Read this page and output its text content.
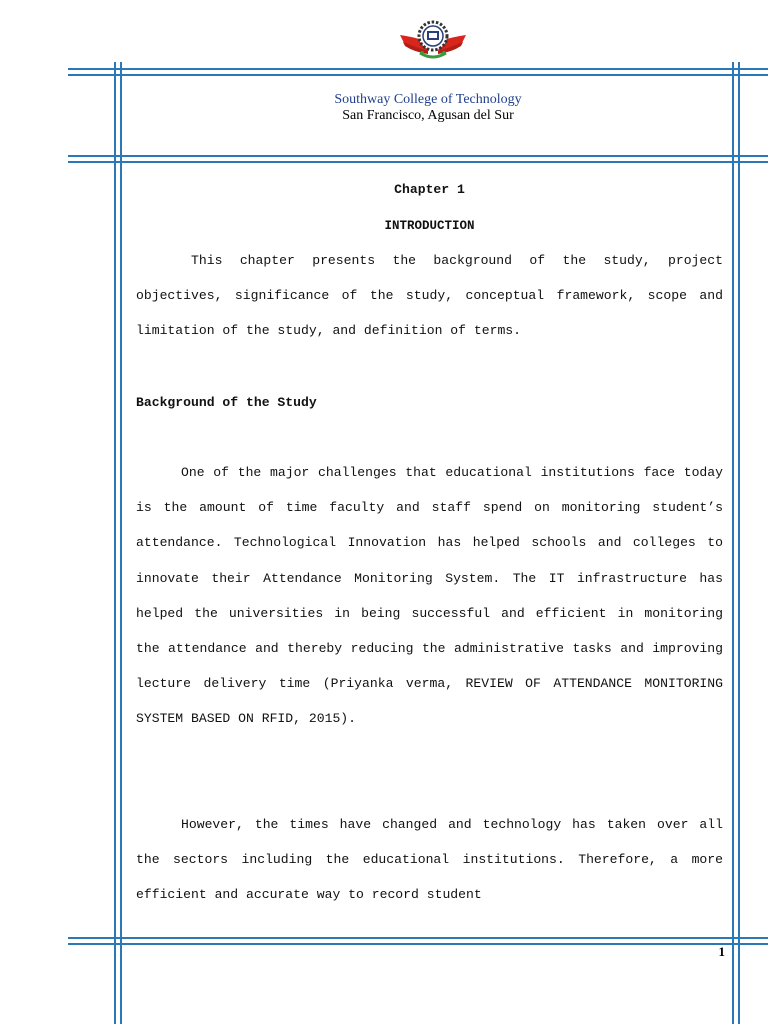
Southway College of Technology
San Francisco, Agusan del Sur
Chapter 1
INTRODUCTION
This chapter presents the background of the study, project objectives, significance of the study, conceptual framework, scope and limitation of the study, and definition of terms.
Background of the Study
One of the major challenges that educational institutions face today is the amount of time faculty and staff spend on monitoring student’s attendance. Technological Innovation has helped schools and colleges to innovate their Attendance Monitoring System. The IT infrastructure has helped the universities in being successful and efficient in monitoring the attendance and thereby reducing the administrative tasks and improving lecture delivery time (Priyanka verma, REVIEW OF ATTENDANCE MONITORING SYSTEM BASED ON RFID, 2015).
However, the times have changed and technology has taken over all the sectors including the educational institutions. Therefore, a more efficient and accurate way to record student
1
